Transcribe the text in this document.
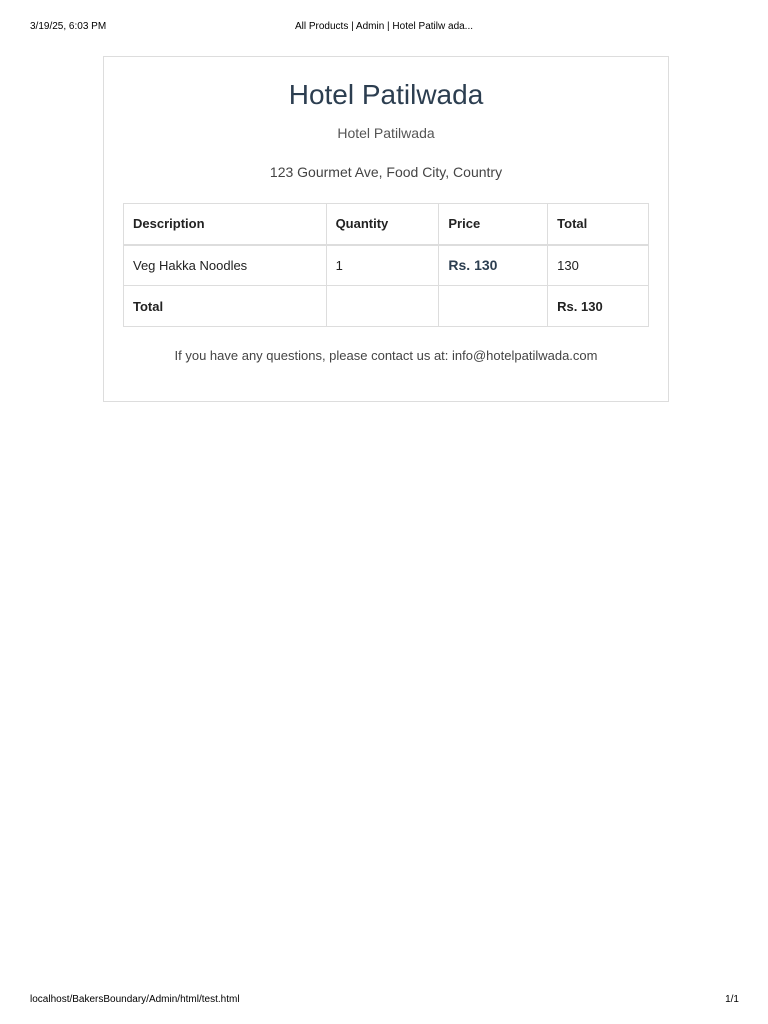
3/19/25, 6:03 PM	All Products | Admin | Hotel Patilw ada...
Hotel Patilwada
Hotel Patilwada
123 Gourmet Ave, Food City, Country
Description	Quantity	Price	Total
Veg Hakka Noodles	1	Rs. 130	130
Total			Rs. 130

If you have any questions, please contact us at: info@hotelpatilwada.com

localhost/BakersBoundary/Admin/html/test.html	1/1
